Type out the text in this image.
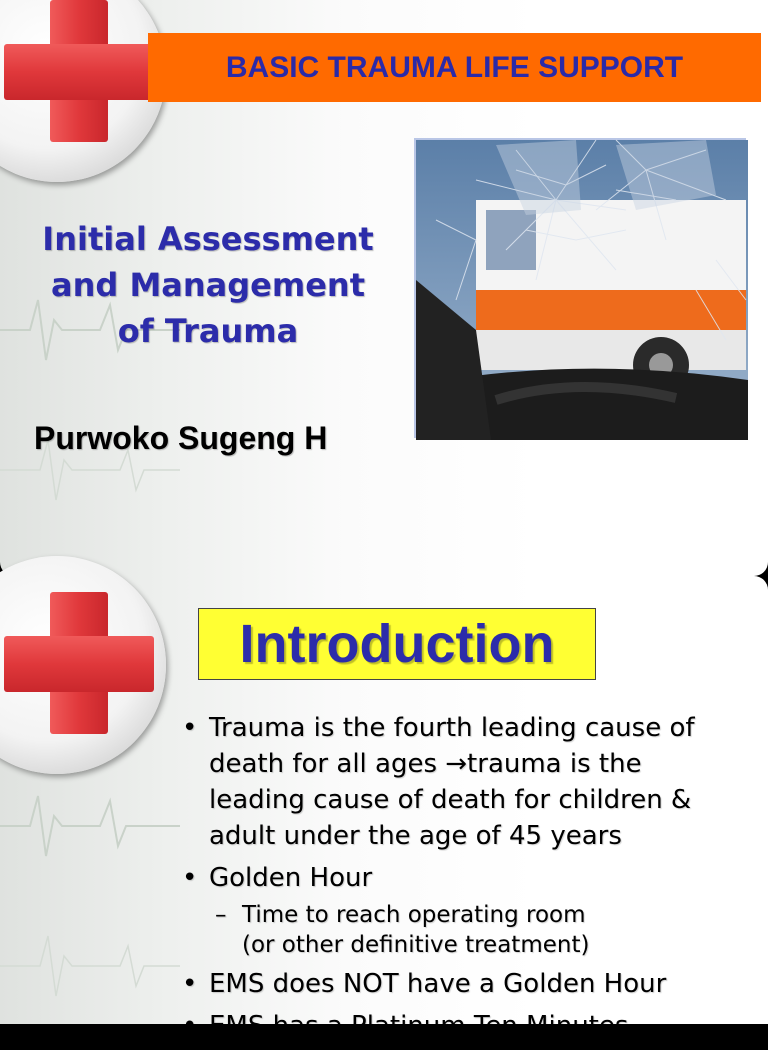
BASIC TRAUMA LIFE SUPPORT
Initial Assessment
and Management
of Trauma
Purwoko Sugeng H
Introduction
• Trauma is the fourth leading cause of
death for all ages →trauma is the
leading cause of death for children &
adult under the age of 45 years
• Golden Hour
– Time to reach operating room
(or other definitive treatment)
• EMS does NOT have a Golden Hour
• EMS has a Platinum Ten Minutes
